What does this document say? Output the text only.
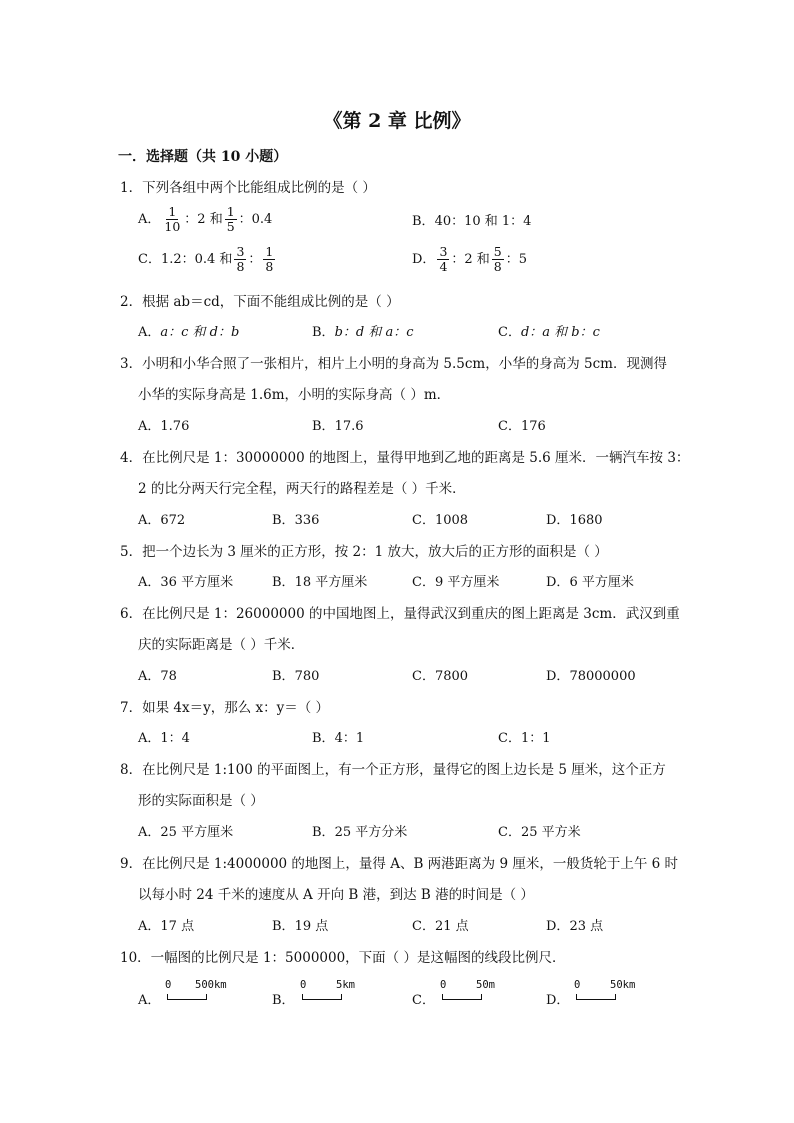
《第 2 章 比例》
一．选择题（共 10 小题）
1．下列各组中两个比能组成比例的是（ ）
A． $\frac{1}{10}$ ：2 和 $\frac{1}{5}$ ：0.4	B．40：10 和 1：4
C．1.2：0.4 和 $\frac{3}{8}$ ： $\frac{1}{8}$	D． $\frac{3}{4}$ ：2 和 $\frac{5}{8}$ ：5
2．根据 ab＝cd，下面不能组成比例的是（ ）
A．a：c 和 d：b	B．b：d 和 a：c	C．d：a 和 b：c
3．小明和小华合照了一张相片，相片上小明的身高为 5.5cm，小华的身高为 5cm．现测得
小华的实际身高是 1.6m，小明的实际身高（ ）m．
A．1.76	B．17.6	C．176
4．在比例尺是 1：30000000 的地图上，量得甲地到乙地的距离是 5.6 厘米．一辆汽车按 3：
2 的比分两天行完全程，两天行的路程差是（ ）千米．
A．672	B．336	C．1008	D．1680
5．把一个边长为 3 厘米的正方形，按 2：1 放大，放大后的正方形的面积是（ ）
A．36 平方厘米	B．18 平方厘米	C．9 平方厘米	D．6 平方厘米
6．在比例尺是 1：26000000 的中国地图上，量得武汉到重庆的图上距离是 3cm．武汉到重
庆的实际距离是（ ）千米．
A．78	B．780	C．7800	D．78000000
7．如果 4x＝y，那么 x：y＝（ ）
A．1：4	B．4：1	C．1：1
8．在比例尺是 1:100 的平面图上，有一个正方形，量得它的图上边长是 5 厘米，这个正方
形的实际面积是（ ）
A．25 平方厘米	B．25 平方分米	C．25 平方米
9．在比例尺是 1:4000000 的地图上，量得 A、B 两港距离为 9 厘米，一般货轮于上午 6 时
以每小时 24 千米的速度从 A 开向 B 港，到达 B 港的时间是（ ）
A．17 点	B．19 点	C．21 点	D．23 点
10．一幅图的比例尺是 1：5000000，下面（ ）是这幅图的线段比例尺．
A．
0 500km
B．
0	5km
C．
0	50m
D．
0	50km
